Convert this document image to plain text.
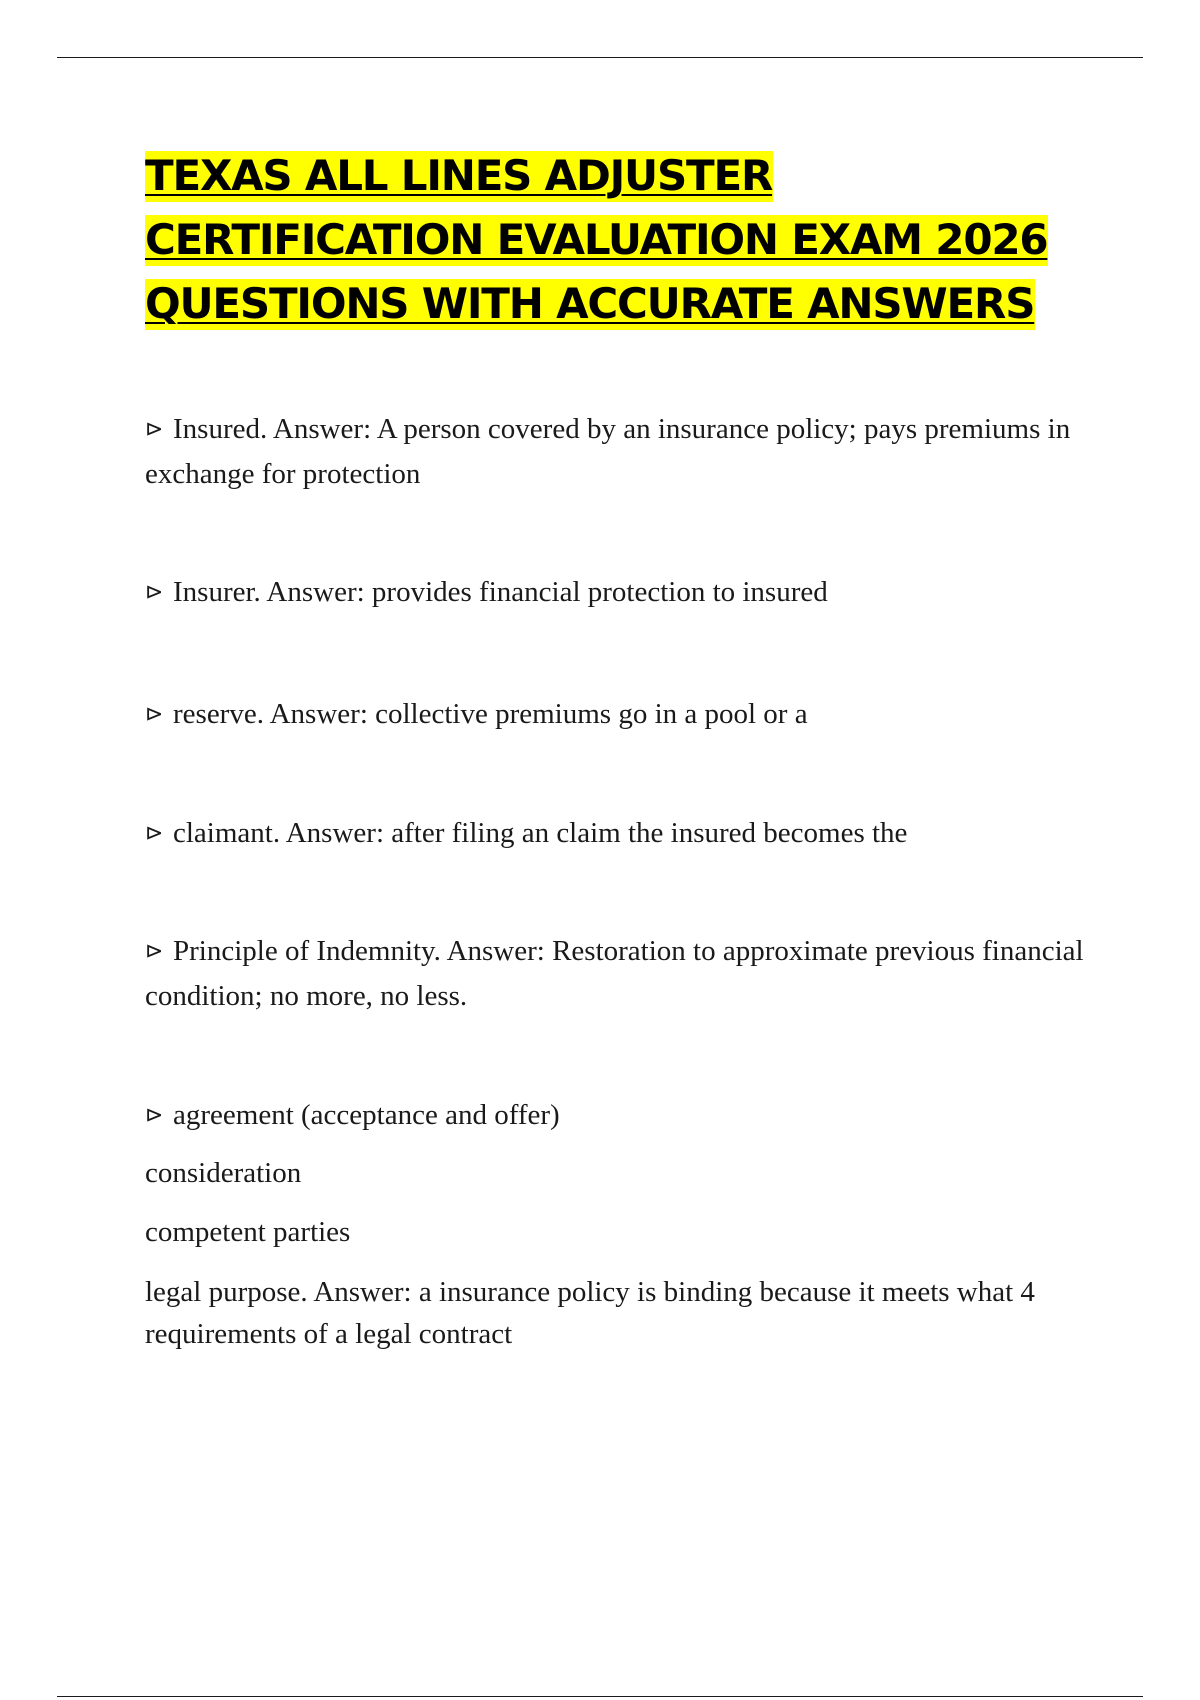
TEXAS ALL LINES ADJUSTER
CERTIFICATION EVALUATION EXAM 2026
QUESTIONS WITH ACCURATE ANSWERS

⊳ Insured. Answer: A person covered by an insurance policy; pays premiums in exchange for protection

⊳ Insurer. Answer: provides financial protection to insured

⊳ reserve. Answer: collective premiums go in a pool or a

⊳ claimant. Answer: after filing an claim the insured becomes the

⊳ Principle of Indemnity. Answer: Restoration to approximate previous financial condition; no more, no less.

⊳ agreement (acceptance and offer)

consideration

competent parties

legal purpose. Answer: a insurance policy is binding because it meets what 4 requirements of a legal contract
